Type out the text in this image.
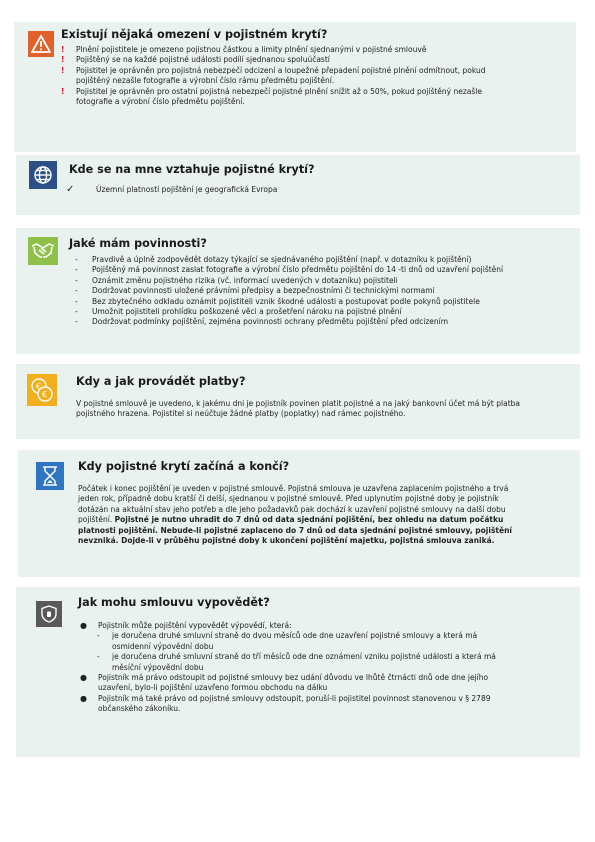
Existují nějaká omezení v pojistném krytí?
! Plnění pojistitele je omezeno pojistnou částkou a limity plnění sjednanými v pojistné smlouvě

! Pojištěný se na každé pojistné události podílí sjednanou spoluúčastí

! Pojistitel je oprávněn pro pojistná nebezpečí odcizení a loupežné přepadení pojistné plnění odmítnout, pokud

pojištěný nezašle fotografie a výrobní číslo rámu předmětu pojištění.

! Pojistitel je oprávněn pro ostatní pojistná nebezpečí pojistné plnění snížit až o 50%, pokud pojištěný nezašle

fotografie a výrobní číslo předmětu pojištění.

Kde se na mne vztahuje pojistné krytí?
✓	Územní platností pojištění je geografická Evropa

Jaké mám povinnosti?
- Pravdivě a úplně zodpovědět dotazy týkající se sjednávaného pojištění (např. v dotazníku k pojištění)

- Pojištěný má povinnost zaslat fotografie a výrobní číslo předmětu pojištění do 14 -ti dnů od uzavření pojištění

- Oznámit změnu pojistného rizika (vč. informací uvedených v dotazníku) pojistiteli

- Dodržovat povinnosti uložené právními předpisy a bezpečnostními či technickými normami

- Bez zbytečného odkladu oznámit pojistiteli vznik škodné události a postupovat podle pokynů pojistitele

- Umožnit pojistiteli prohlídku poškozené věci a prošetření nároku na pojistné plnění

- Dodržovat podmínky pojištění, zejména povinnosti ochrany předmětu pojištění před odcizením

€
€
Kdy a jak provádět platby?

V pojistné smlouvě je uvedeno, k jakému dni je pojistník povinen platit pojistné a na jaký bankovní účet má být platba

pojistného hrazena. Pojistitel si neúčtuje žádné platby (poplatky) nad rámec pojistného.

Kdy pojistné krytí začíná a končí?

Počátek i konec pojištění je uveden v pojistné smlouvě. Pojistná smlouva je uzavřena zaplacením pojistného a trvá

jeden rok, případně dobu kratší či delší, sjednanou v pojistné smlouvě. Před uplynutím pojistné doby je pojistník

dotázán na aktuální stav jeho potřeb a dle jeho požadavků pak dochází k uzavření pojistné smlouvy na další dobu

pojištění. Pojistné je nutno uhradit do 7 dnů od data sjednání pojištění, bez ohledu na datum počátku

platnosti pojištění. Nebude-li pojistné zaplaceno do 7 dnů od data sjednání pojistné smlouvy, pojištění

nevzniká. Dojde-li v průběhu pojistné doby k ukončení pojištění majetku, pojistná smlouva zaniká.

Jak mohu smlouvu vypovědět?
● Pojistník může pojištění vypovědět výpovědí, která:

- je doručena druhé smluvní straně do dvou měsíců ode dne uzavření pojistné smlouvy a která má

osmidenní výpovědní dobu

- je doručena druhé smluvní straně do tří měsíců ode dne oznámení vzniku pojistné události a která má

měsíční výpovědní dobu

● Pojistník má právo odstoupit od pojistné smlouvy bez udání důvodu ve lhůtě čtrnácti dnů ode dne jejího

uzavření, bylo-li pojištění uzavřeno formou obchodu na dálku

● Pojistník má také právo od pojistné smlouvy odstoupit, poruší-li pojistitel povinnost stanovenou v § 2789

občanského zákoníku.
